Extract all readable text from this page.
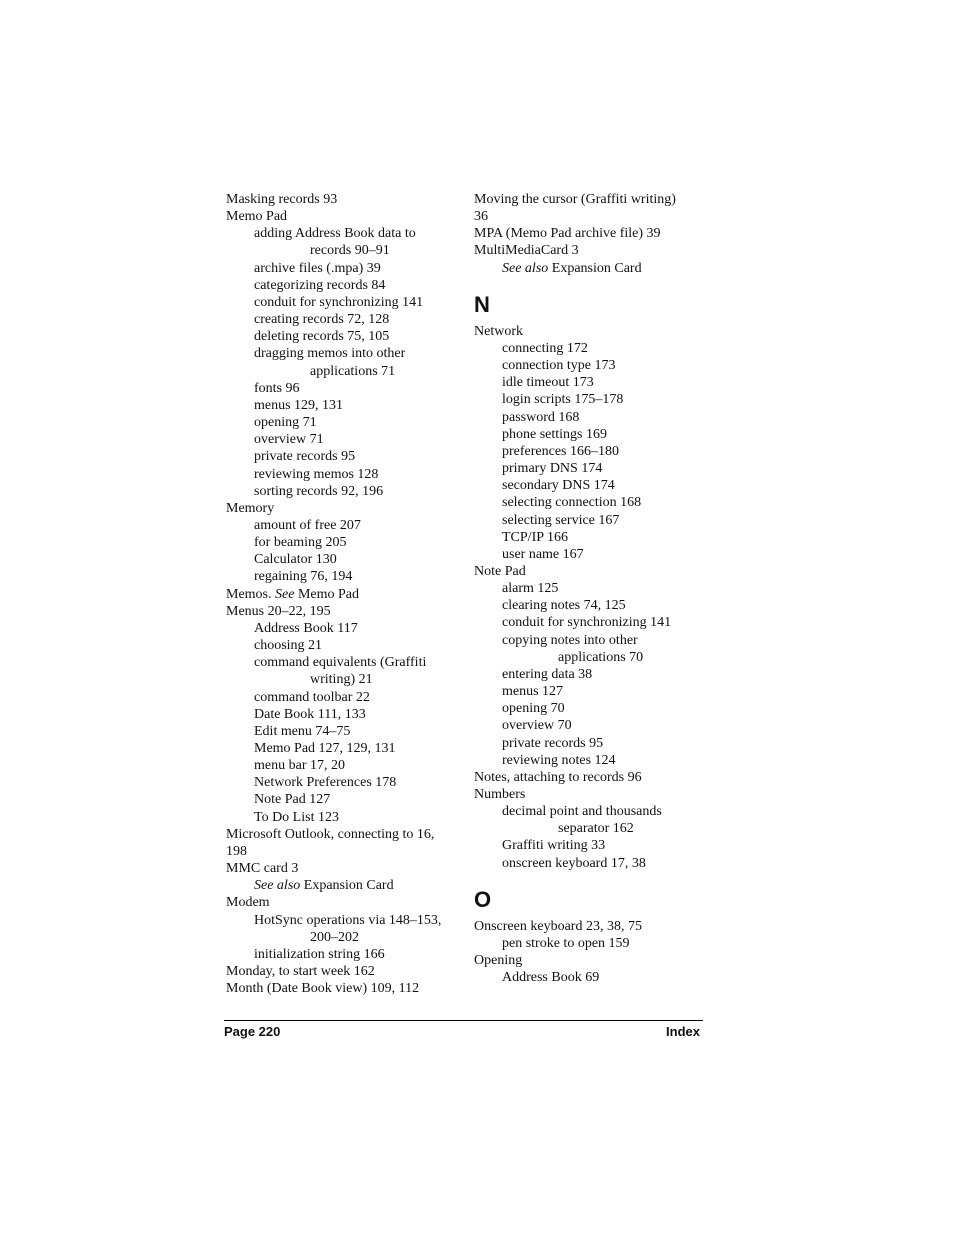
Masking records 93
Memo Pad
adding Address Book data to
records 90–91
archive files (.mpa) 39
categorizing records 84
conduit for synchronizing 141
creating records 72, 128
deleting records 75, 105
dragging memos into other
applications 71
fonts 96
menus 129, 131
opening 71
overview 71
private records 95
reviewing memos 128
sorting records 92, 196
Memory
amount of free 207
for beaming 205
Calculator 130
regaining 76, 194
Memos. See Memo Pad
Menus 20–22, 195
Address Book 117
choosing 21
command equivalents (Graffiti
writing) 21
command toolbar 22
Date Book 111, 133
Edit menu 74–75
Memo Pad 127, 129, 131
menu bar 17, 20
Network Preferences 178
Note Pad 127
To Do List 123
Microsoft Outlook, connecting to 16,
198
MMC card 3
See also Expansion Card
Modem
HotSync operations via 148–153,
200–202
initialization string 166
Monday, to start week 162
Month (Date Book view) 109, 112
Moving the cursor (Graffiti writing)
36
MPA (Memo Pad archive file) 39
MultiMediaCard 3
See also Expansion Card
N
Network
connecting 172
connection type 173
idle timeout 173
login scripts 175–178
password 168
phone settings 169
preferences 166–180
primary DNS 174
secondary DNS 174
selecting connection 168
selecting service 167
TCP/IP 166
user name 167
Note Pad
alarm 125
clearing notes 74, 125
conduit for synchronizing 141
copying notes into other
applications 70
entering data 38
menus 127
opening 70
overview 70
private records 95
reviewing notes 124
Notes, attaching to records 96
Numbers
decimal point and thousands
separator 162
Graffiti writing 33
onscreen keyboard 17, 38
O
Onscreen keyboard 23, 38, 75
pen stroke to open 159
Opening
Address Book 69
Page 220	Index
